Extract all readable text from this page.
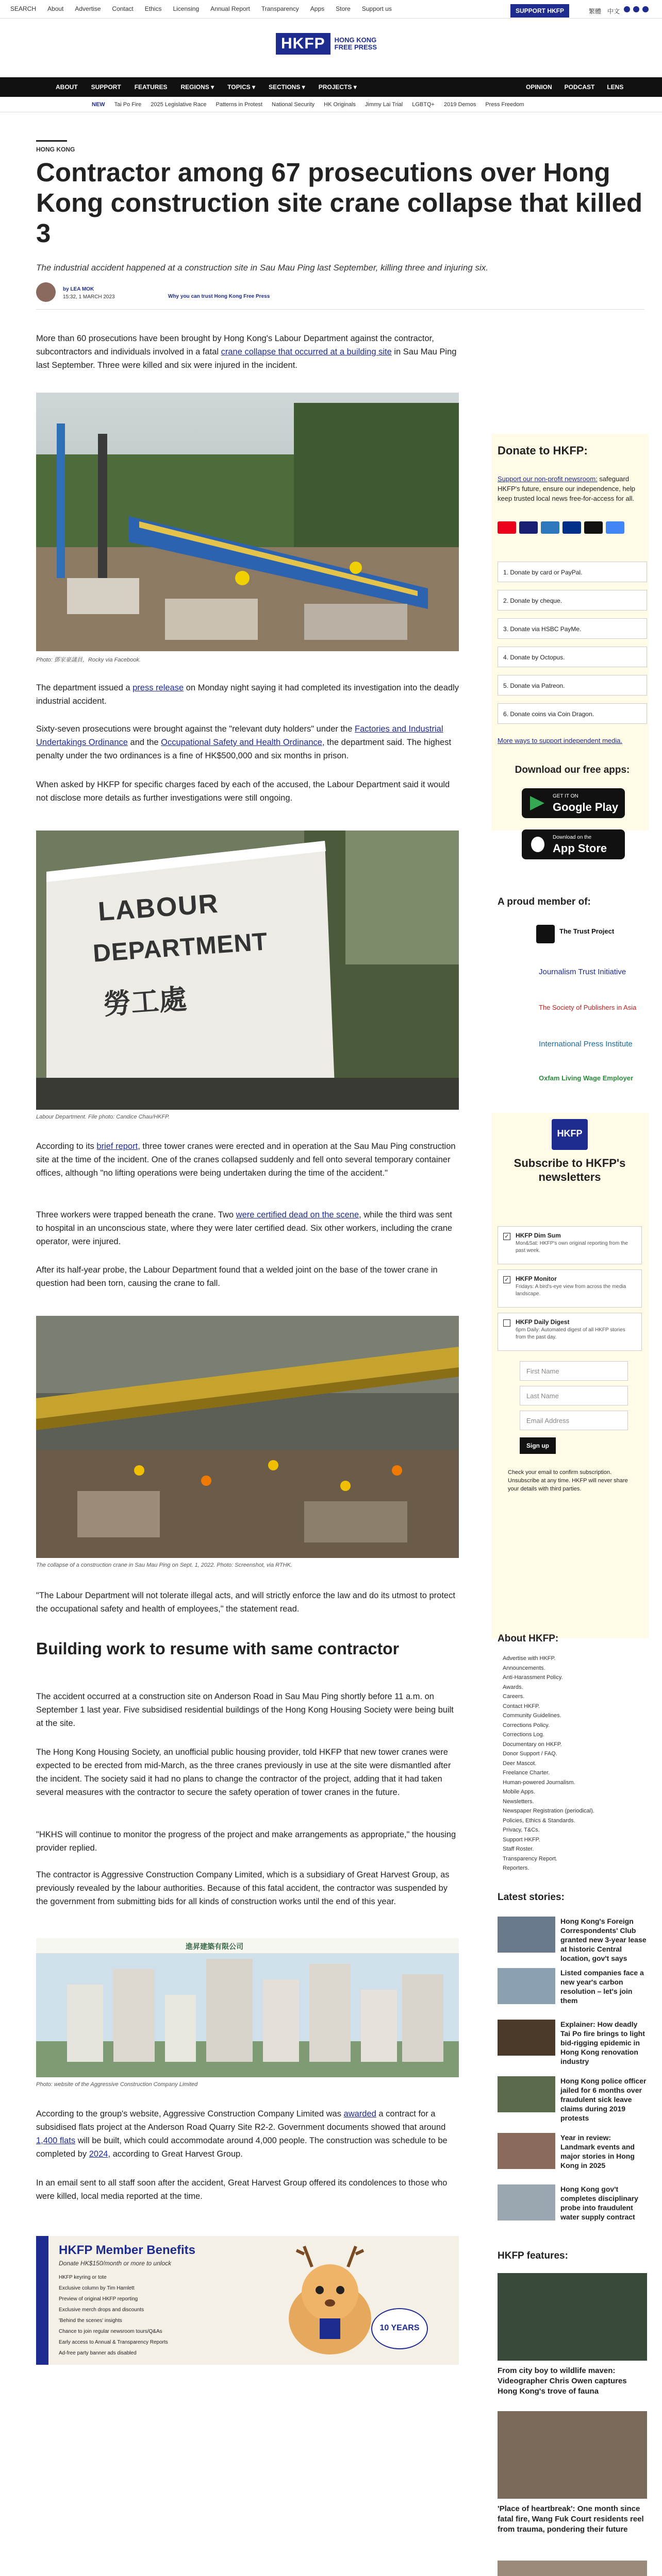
SEARCH About Advertise Contact Ethics Licensing Annual Report Transparency Apps Store Support us	SUPPORT HKFP	繁體 中文
HKFP	HONG KONG
FREE PRESS
ABOUT SUPPORT FEATURES REGIONS ▾ TOPICS ▾ SECTIONS ▾ PROJECTS ▾	OPINION PODCAST LENS
NEW Tai Po Fire 2025 Legislative Race Patterns in Protest National Security HK Originals Jimmy Lai Trial LGBTQ+ 2019 Demos Press Freedom
HONG KONG
Contractor among 67 prosecutions over Hong Kong construction site crane collapse that killed 3

The industrial accident happened at a construction site in Sau Mau Ping last September, killing three and injuring six.

by LEA MOK
15:32, 1 MARCH 2023	Why you can trust Hong Kong Free Press

More than 60 prosecutions have been brought by Hong Kong's Labour Department against the contractor, subcontractors and individuals involved in a fatal crane collapse that occurred at a building site in Sau Mau Ping last September. Three were killed and six were injured in the incident.

Photo: 鄧家豪議員，Rocky via Facebook.

The department issued a press release on Monday night saying it had completed its investigation into the deadly industrial accident.

Sixty-seven prosecutions were brought against the "relevant duty holders" under the Factories and Industrial Undertakings Ordinance and the Occupational Safety and Health Ordinance, the department said. The highest penalty under the two ordinances is a fine of HK$500,000 and six months in prison.

When asked by HKFP for specific charges faced by each of the accused, the Labour Department said it would not disclose more details as further investigations were still ongoing.

LABOUR
DEPARTMENT
勞工處

Labour Department. File photo: Candice Chau/HKFP.

According to its brief report, three tower cranes were erected and in operation at the Sau Mau Ping construction site at the time of the incident. One of the cranes collapsed suddenly and fell onto several temporary container offices, although "no lifting operations were being undertaken during the time of the accident."

Three workers were trapped beneath the crane. Two were certified dead on the scene, while the third was sent to hospital in an unconscious state, where they were later certified dead. Six other workers, including the crane operator, were injured.

After its half-year probe, the Labour Department found that a welded joint on the base of the tower crane in question had been torn, causing the crane to fall.

The collapse of a construction crane in Sau Mau Ping on Sept. 1, 2022. Photo: Screenshot, via RTHK.

"The Labour Department will not tolerate illegal acts, and will strictly enforce the law and do its utmost to protect the occupational safety and health of employees," the statement read.

Building work to resume with same contractor

The accident occurred at a construction site on Anderson Road in Sau Mau Ping shortly before 11 a.m. on September 1 last year. Five subsidised residential buildings of the Hong Kong Housing Society were being built at the site.

The Hong Kong Housing Society, an unofficial public housing provider, told HKFP that new tower cranes were expected to be erected from mid-March, as the three cranes previously in use at the site were dismantled after the incident. The society said it had no plans to change the contractor of the project, adding that it had taken several measures with the contractor to secure the safety operation of tower cranes in the future.

"HKHS will continue to monitor the progress of the project and make arrangements as appropriate," the housing provider replied.

The contractor is Aggressive Construction Company Limited, which is a subsidiary of Great Harvest Group, as previously revealed by the labour authorities. Because of this fatal accident, the contractor was suspended by the government from submitting bids for all kinds of construction works until the end of this year.

進昇建築有限公司

Photo: website of the Aggressive Construction Company Limited

According to the group's website, Aggressive Construction Company Limited was awarded a contract for a subsidised flats project at the Anderson Road Quarry Site R2-2. Government documents showed that around 1,400 flats will be built, which could accommodate around 4,000 people. The construction was schedule to be completed by 2024, according to Great Harvest Group.

In an email sent to all staff soon after the accident, Great Harvest Group offered its condolences to those who were killed, local media reported at the time.

HKFP Member Benefits
Donate HK$150/month or more to unlock
HKFP keyring or tote
Exclusive column by Tim Hamlett
Preview of original HKFP reporting
Exclusive merch drops and discounts
'Behind the scenes' insights
Chance to join regular newsroom tours/Q&As
Early access to Annual & Transparency Reports
Ad-free party banner ads disabled
10 YEARS
Donate to HKFP:
Support our non-profit newsroom: safeguard HKFP's future, ensure our independence, help keep trusted local news free-for-access for all.
1. Donate by card or PayPal.
2. Donate by cheque.
3. Donate via HSBC PayMe.
4. Donate by Octopus.
5. Donate via Patreon.
6. Donate coins via Coin Dragon.
More ways to support independent media.
Download our free apps:
GET IT ON
Google Play
Download on the
App Store
A proud member of:
The Trust Project
Journalism Trust Initiative
The Society of Publishers in Asia
International Press Institute
Oxfam Living Wage Employer
HKFP
Subscribe to HKFP's newsletters
✓ HKFP Dim Sum
Mon&Sat: HKFP's own original reporting from the past week.
✓ HKFP Monitor
Fridays: A bird's-eye view from across the media landscape.
HKFP Daily Digest
6pm Daily: Automated digest of all HKFP stories from the past day.
First Name
Last Name
Email Address
Sign up
Check your email to confirm subscription. Unsubscribe at any time. HKFP will never share your details with third parties.
About HKFP:
Advertise with HKFP.
Announcements.
Anti-Harassment Policy.
Awards.
Careers.
Contact HKFP.
Community Guidelines.
Corrections Policy.
Corrections Log.
Documentary on HKFP.
Donor Support / FAQ.
Deer Mascot.
Freelance Charter.
Human-powered Journalism.
Mobile Apps.
Newsletters.
Newspaper Registration (periodical).
Policies, Ethics & Standards.
Privacy, T&Cs.
Support HKFP.
Staff Roster.
Transparency Report.
Reporters.
Latest stories:
Hong Kong's Foreign Correspondents' Club granted new 3-year lease at historic Central location, gov't says
Listed companies face a new year's carbon resolution – let's join them
Explainer: How deadly Tai Po fire brings to light bid-rigging epidemic in Hong Kong renovation industry
Hong Kong police officer jailed for 6 months over fraudulent sick leave claims during 2019 protests
Year in review: Landmark events and major stories in Hong Kong in 2025
Hong Kong gov't completes disciplinary probe into fraudulent water supply contract
HKFP features:
From city boy to wildlife maven: Videographer Chris Owen captures Hong Kong's trove of fauna
'Place of heartbreak': One month since fatal fire, Wang Fuk Court residents reel from trauma, pondering their future
